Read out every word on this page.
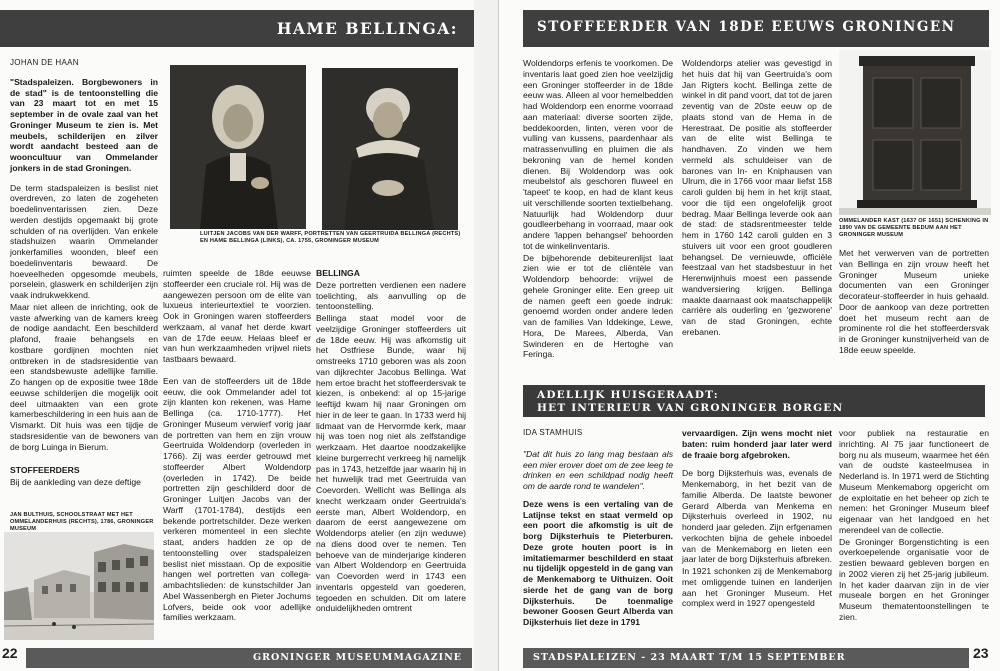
HAME BELLINGA:

JOHAN DE HAAN

"Stadspaleizen. Borgbewoners in de stad" is de tentoonstelling die van 23 maart tot en met 15 september in de ovale zaal van het Groninger Museum te zien is. Met meubels, schilderijen en zilver wordt aandacht besteed aan de wooncultuur van Ommelander jonkers in de stad Groningen.

De term stadspaleizen is beslist niet overdreven, zo laten de zogeheten boedelinventarissen zien. Deze werden destijds opgemaakt bij grote schulden of na overlijden. Van enkele stadshuizen waarin Ommelander jonkerfamilies woonden, bleef een boedelinventaris bewaard. De hoeveelheden opgesomde meubels, porselein, glaswerk en schilderijen zijn vaak indrukwekkend.

Maar niet alleen de inrichting, ook de vaste afwerking van de kamers kreeg de nodige aandacht. Een beschilderd plafond, fraaie behangsels en kostbare gordijnen mochten niet ontbreken in de stadsresidentie van een standsbewuste adellijke familie. Zo hangen op de expositie twee 18de eeuwse schilderijen die mogelijk ooit deel uitmaakten van een grote kamerbeschildering in een huis aan de Vismarkt. Dit huis was een tijdje de stadsresidentie van de bewoners van de borg Luinga in Bierum.

STOFFEERDERS

Bij de aankleding van deze deftige

JAN BULTHUIS, SCHOOLSTRAAT MET HET OMMELANDERHUIS (RECHTS), 1786, GRONINGER MUSEUM
LUITJEN JACOBS VAN DER WARFF, PORTRETTEN VAN GEERTRUIDA BELLINGA (RECHTS) EN HAME BELLINGA (LINKS), CA. 1755, GRONINGER MUSEUM

ruimten speelde de 18de eeuwse stoffeerder een cruciale rol. Hij was de aangewezen persoon om de elite van luxueus interieurtextiel te voorzien. Ook in Groningen waren stoffeerders werkzaam, al vanaf het derde kwart van de 17de eeuw. Helaas bleef er van hun werkzaamheden vrijwel niets tastbaars bewaard.

Een van de stoffeerders uit de 18de eeuw, die ook Ommelander adel tot zijn klanten kon rekenen, was Hame Bellinga (ca. 1710-1777). Het Groninger Museum verwierf vorig jaar de portretten van hem en zijn vrouw Geertruida Woldendorp (overleden in 1766). Zij was eerder getrouwd met stoffeerder Albert Woldendorp (overleden in 1742). De beide portretten zijn geschilderd door de Groninger Luitjen Jacobs van der Warff (1701-1784), destijds een bekende portretschilder. Deze werken verkeren momenteel in een slechte staat, anders hadden ze op de tentoonstelling over stadspaleizen beslist niet misstaan. Op de expositie hangen wel portretten van collega-ambachtslieden: de kunstschilder Jan Abel Wassenbergh en Pieter Jochums Lofvers, beide ook voor adellijke families werkzaam.

BELLINGA

Deze portretten verdienen een nadere toelichting, als aanvulling op de tentoonstelling.

Bellinga staat model voor de veelzijdige Groninger stoffeerders uit de 18de eeuw. Hij was afkomstig uit het Ostfriese Bunde, waar hij omstreeks 1710 geboren was als zoon van dijkrechter Jacobus Bellinga. Wat hem ertoe bracht het stoffeerdersvak te kiezen, is onbekend: al op 15-jarige leeftijd kwam hij naar Groningen om hier in de leer te gaan. In 1733 werd hij lidmaat van de Hervormde kerk, maar hij was toen nog niet als zelfstandige werkzaam. Het daartoe noodzakelijke kleine burgerrecht verkreeg hij namelijk pas in 1743, hetzelfde jaar waarin hij in het huwelijk trad met Geertruida van Coevorden. Wellicht was Bellinga als knecht werkzaam onder Geertruida's eerste man, Albert Woldendorp, en daarom de eerst aangewezene om Woldendorps atelier (en zijn weduwe) na diens dood over te nemen. Ten behoeve van de minderjarige kinderen van Albert Woldendorp en Geertruida van Coevorden werd in 1743 een inventaris opgesteld van goederen, tegoeden en schulden. Dit om latere onduidelijkheden omtrent

22	GRONINGER MUSEUMMAGAZINE
STOFFEERDER VAN 18DE EEUWS GRONINGEN

Woldendorps erfenis te voorkomen. De inventaris laat goed zien hoe veelzijdig een Groninger stoffeerder in de 18de eeuw was. Alleen al voor hemelbedden had Woldendorp een enorme voorraad aan materiaal: diverse soorten zijde, beddekoorden, linten, veren voor de vulling van kussens, paardenhaar als matrassenvulling en pluimen die als bekroning van de hemel konden dienen. Bij Woldendorp was ook meubelstof als geschoren fluweel en 'tapeet' te koop, en had de klant keus uit verschillende soorten textielbehang. Natuurlijk had Woldendorp duur goudleerbehang in voorraad, maar ook andere 'lappen behangsel' behoorden tot de winkelinventaris.

De bijbehorende debiteurenlijst laat zien wie er tot de cliëntèle van Woldendorp behoorde: vrijwel de gehele Groninger elite. Een greep uit de namen geeft een goede indruk: genoemd worden onder andere leden van de families Van Iddekinge, Lewe, Hora, De Marees, Alberda, Van Swinderen en de Hertoghe van Feringa.

Woldendorps atelier was gevestigd in het huis dat hij van Geertruida's oom Jan Rigters kocht. Bellinga zette de winkel in dit pand voort, dat tot de jaren zeventig van de 20ste eeuw op de plaats stond van de Hema in de Herestraat. De positie als stoffeerder van de elite wist Bellinga te handhaven. Zo vinden we hem vermeld als schuldeiser van de barones van In- en Kniphausen van Ulrum, die in 1766 voor maar liefst 158 caroli gulden bij hem in het krijt staat, voor die tijd een ongelofelijk groot bedrag. Maar Bellinga leverde ook aan de stad: de stadsrentmeester telde hem in 1760 142 caroli gulden en 3 stuivers uit voor een groot goudleren behangsel. De vernieuwde, officiële feestzaal van het stadsbestuur in het Herenwijnhuis moest een passende wandversiering krijgen. Bellinga maakte daarnaast ook maatschappelijk carrière als ouderling en 'gezworene' van de stad Groningen, echte erebanen.

OMMELANDER KAST (1637 OF 1651) SCHENKING IN 1890 VAN DE GEMEENTE BEDUM AAN HET GRONINGER MUSEUM

Met het verwerven van de portretten van Bellinga en zijn vrouw heeft het Groninger Museum unieke documenten van een Groninger decorateur-stoffeerder in huis gehaald. Door de aankoop van deze portretten doet het museum recht aan de prominente rol die het stoffeerdersvak in de Groninger kunstnijverheid van de 18de eeuw speelde.

ADELLIJK HUISGERAADT:
HET INTERIEUR VAN GRONINGER BORGEN

IDA STAMHUIS

"Dat dit huis zo lang mag bestaan als een mier erover doet om de zee leeg te drinken en een schildpad nodig heeft om de aarde rond te wandelen".

Deze wens is een vertaling van de Latijnse tekst en staat vermeld op een poort die afkomstig is uit de borg Dijksterhuis te Pieterburen. Deze grote houten poort is in imitatiemarmer beschilderd en staat nu tijdelijk opgesteld in de gang van de Menkemaborg te Uithuizen. Ooit sierde het de gang van de borg Dijksterhuis. De toenmalige bewoner Goosen Geurt Alberda van Dijksterhuis liet deze in 1791

vervaardigen. Zijn wens mocht niet baten: ruim honderd jaar later werd de fraaie borg afgebroken.

De borg Dijksterhuis was, evenals de Menkemaborg, in het bezit van de familie Alberda. De laatste bewoner Gerard Alberda van Menkema en Dijksterhuis overleed in 1902, nu honderd jaar geleden. Zijn erfgenamen verkochten bijna de gehele inboedel van de Menkemaborg en lieten een jaar later de borg Dijksterhuis afbreken.

In 1921 schonken zij de Menkemaborg met omliggende tuinen en landerijen aan het Groninger Museum. Het complex werd in 1927 opengesteld

voor publiek na restauratie en inrichting. Al 75 jaar functioneert de borg nu als museum, waarmee het één van de oudste kasteelmusea in Nederland is. In 1971 werd de Stichting Museum Menkemaborg opgericht om de exploitatie en het beheer op zich te nemen: het Groninger Museum bleef eigenaar van het landgoed en het merendeel van de collectie.

De Groninger Borgenstichting is een overkoepelende organisatie voor de zestien bewaard gebleven borgen en in 2002 vieren zij het 25-jarig jubileum. In het kader daarvan zijn in de vier museale borgen en het Groninger Museum thematentoonstellingen te zien.

STADSPALEIZEN - 23 MAART T/M 15 SEPTEMBER	23
